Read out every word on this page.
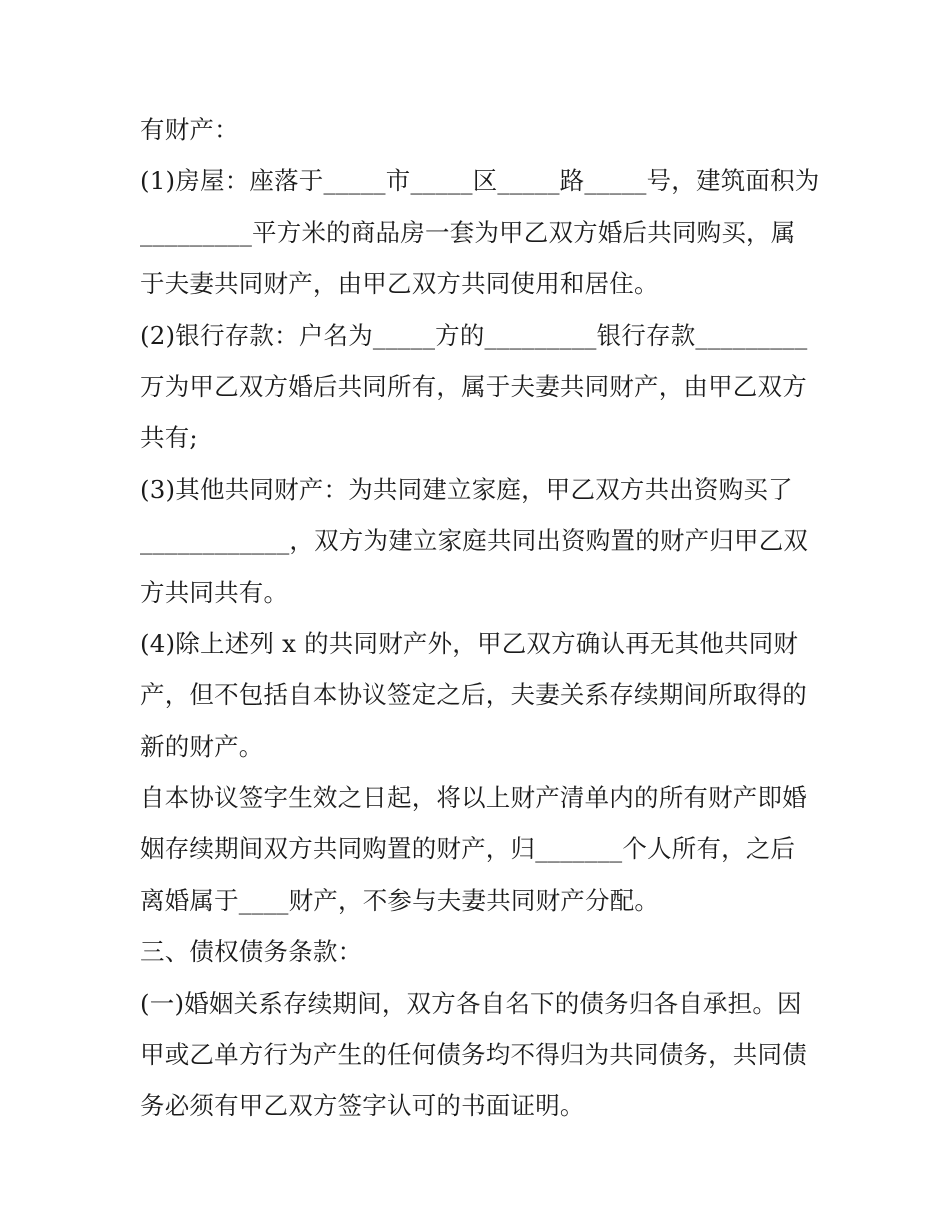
有财产：
(1)房屋：座落于_____市_____区_____路_____号，建筑面积为
_________平方米的商品房一套为甲乙双方婚后共同购买，属
于夫妻共同财产，由甲乙双方共同使用和居住。
(2)银行存款：户名为_____方的_________银行存款_________
万为甲乙双方婚后共同所有，属于夫妻共同财产，由甲乙双方
共有;
(3)其他共同财产：为共同建立家庭，甲乙双方共出资购买了
____________，双方为建立家庭共同出资购置的财产归甲乙双
方共同共有。
(4)除上述列 x 的共同财产外，甲乙双方确认再无其他共同财
产，但不包括自本协议签定之后，夫妻关系存续期间所取得的
新的财产。
自本协议签字生效之日起，将以上财产清单内的所有财产即婚
姻存续期间双方共同购置的财产，归_______个人所有，之后
离婚属于____财产，不参与夫妻共同财产分配。
三、债权债务条款：
(一)婚姻关系存续期间，双方各自名下的债务归各自承担。因
甲或乙单方行为产生的任何债务均不得归为共同债务，共同债
务必须有甲乙双方签字认可的书面证明。
